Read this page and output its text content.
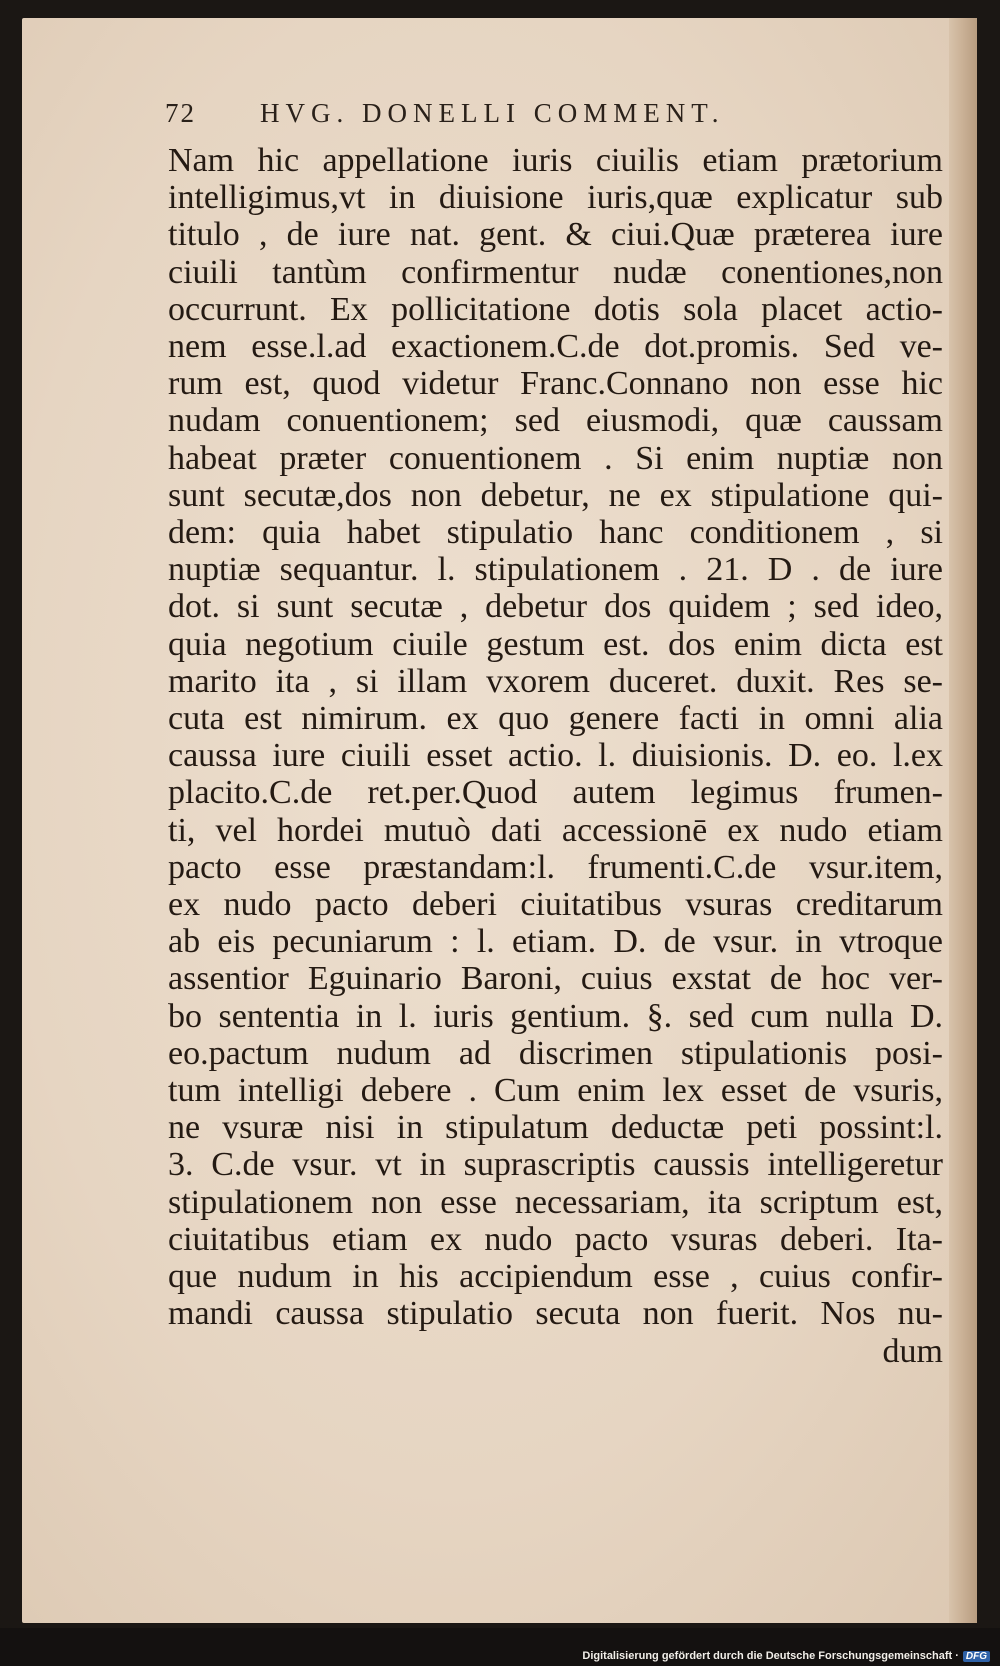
72 HVG. DONELLI COMMENT.
Nam hic appellatione iuris ciuilis etiam prætorium
intelligimus,vt in diuisione iuris,quæ explicatur sub
titulo , de iure nat. gent. & ciui.Quæ præterea iure
ciuili tantùm confirmentur nudæ conentiones,non
occurrunt. Ex pollicitatione dotis sola placet actio-
nem esse.l.ad exactionem.C.de dot.promis. Sed ve-
rum est, quod videtur Franc.Connano non esse hic
nudam conuentionem; sed eiusmodi, quæ caussam
habeat præter conuentionem . Si enim nuptiæ non
sunt secutæ,dos non debetur, ne ex stipulatione qui-
dem: quia habet stipulatio hanc conditionem , si
nuptiæ sequantur. l. stipulationem . 21. D . de iure
dot. si sunt secutæ , debetur dos quidem ; sed ideo,
quia negotium ciuile gestum est. dos enim dicta est
marito ita , si illam vxorem duceret. duxit. Res se-
cuta est nimirum. ex quo genere facti in omni alia
caussa iure ciuili esset actio. l. diuisionis. D. eo. l.ex
placito.C.de ret.per.Quod autem legimus frumen-
ti, vel hordei mutuò dati accessionē ex nudo etiam
pacto esse præstandam:l. frumenti.C.de vsur.item,
ex nudo pacto deberi ciuitatibus vsuras creditarum
ab eis pecuniarum : l. etiam. D. de vsur. in vtroque
assentior Eguinario Baroni, cuius exstat de hoc ver-
bo sententia in l. iuris gentium. §. sed cum nulla D.
eo.pactum nudum ad discrimen stipulationis posi-
tum intelligi debere . Cum enim lex esset de vsuris,
ne vsuræ nisi in stipulatum deductæ peti possint:l.
3. C.de vsur. vt in suprascriptis caussis intelligeretur
stipulationem non esse necessariam, ita scriptum est,
ciuitatibus etiam ex nudo pacto vsuras deberi. Ita-
que nudum in his accipiendum esse , cuius confir-
mandi caussa stipulatio secuta non fuerit. Nos nu-
dum
Digitalisierung gefördert durch die Deutsche Forschungsgemeinschaft · DFG
